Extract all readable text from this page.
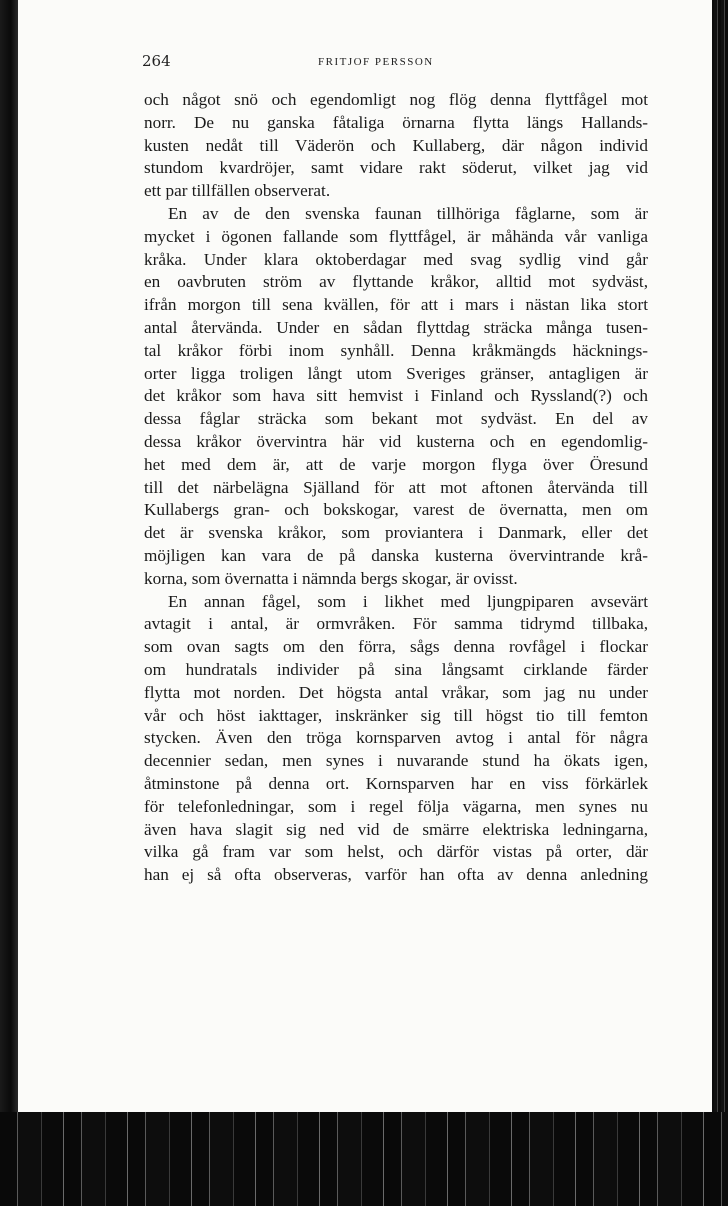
264	FRITJOF PERSSON
och något snö och egendomligt nog flög denna flyttfågel mot
norr. De nu ganska fåtaliga örnarna flytta längs Hallands-
kusten nedåt till Väderön och Kullaberg, där någon individ
stundom kvardröjer, samt vidare rakt söderut, vilket jag vid
ett par tillfällen observerat.
En av de den svenska faunan tillhöriga fåglarne, som är
mycket i ögonen fallande som flyttfågel, är måhända vår vanliga
kråka. Under klara oktoberdagar med svag sydlig vind går
en oavbruten ström av flyttande kråkor, alltid mot sydväst,
ifrån morgon till sena kvällen, för att i mars i nästan lika stort
antal återvända. Under en sådan flyttdag sträcka många tusen-
tal kråkor förbi inom synhåll. Denna kråkmängds häcknings-
orter ligga troligen långt utom Sveriges gränser, antagligen är
det kråkor som hava sitt hemvist i Finland och Ryssland(?) och
dessa fåglar sträcka som bekant mot sydväst. En del av
dessa kråkor övervintra här vid kusterna och en egendomlig-
het med dem är, att de varje morgon flyga över Öresund
till det närbelägna Själland för att mot aftonen återvända till
Kullabergs gran- och bokskogar, varest de övernatta, men om
det är svenska kråkor, som proviantera i Danmark, eller det
möjligen kan vara de på danska kusterna övervintrande krå-
korna, som övernatta i nämnda bergs skogar, är ovisst.
En annan fågel, som i likhet med ljungpiparen avsevärt
avtagit i antal, är ormvråken. För samma tidrymd tillbaka,
som ovan sagts om den förra, sågs denna rovfågel i flockar
om hundratals individer på sina långsamt cirklande färder
flytta mot norden. Det högsta antal vråkar, som jag nu under
vår och höst iakttager, inskränker sig till högst tio till femton
stycken. Även den tröga kornsparven avtog i antal för några
decennier sedan, men synes i nuvarande stund ha ökats igen,
åtminstone på denna ort. Kornsparven har en viss förkärlek
för telefonledningar, som i regel följa vägarna, men synes nu
även hava slagit sig ned vid de smärre elektriska ledningarna,
vilka gå fram var som helst, och därför vistas på orter, där
han ej så ofta observeras, varför han ofta av denna anledning
